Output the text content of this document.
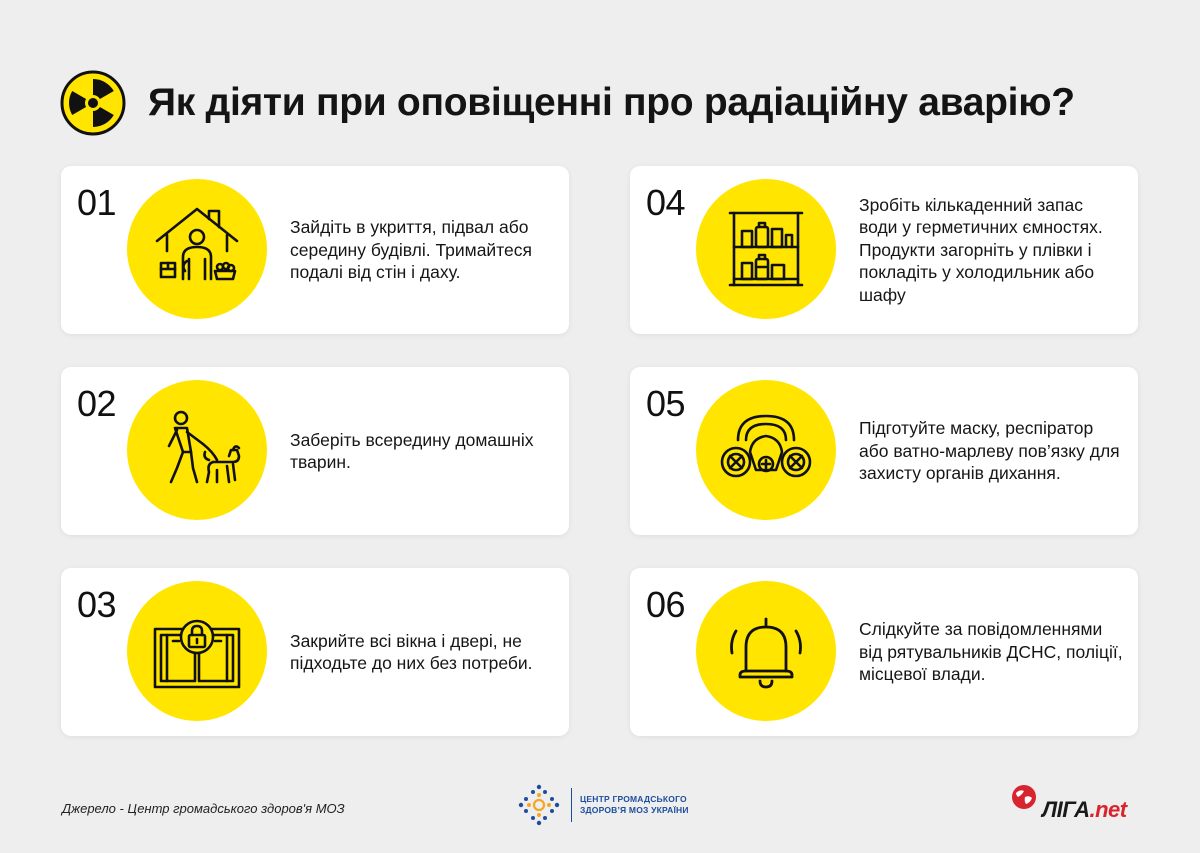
Як діяти при оповіщенні про радіаційну аварію?
01
Зайдіть в укриття, підвал або середину будівлі. Тримайтеся подалі від стін і даху.
02
Заберіть всередину домашніх тварин.
03
Закрийте всі вікна і двері, не підходьте до них без потреби.
04	Зробіть кількаденний запас води у герметичних ємностях. Продукти загорніть у плівки і покладіть у холодильник або шафу
05
Підготуйте маску, респіратор або ватно-марлеву пов’язку для захисту органів дихання.
06
Слідкуйте за повідомленнями від рятувальників ДСНС, поліції, місцевої влади.
Джерело - Центр громадського здоров'я МОЗ
ЦЕНТР ГРОМАДСЬКОГО ЗДОРОВ’Я МОЗ УКРАЇНИ	ЛІГА .net
